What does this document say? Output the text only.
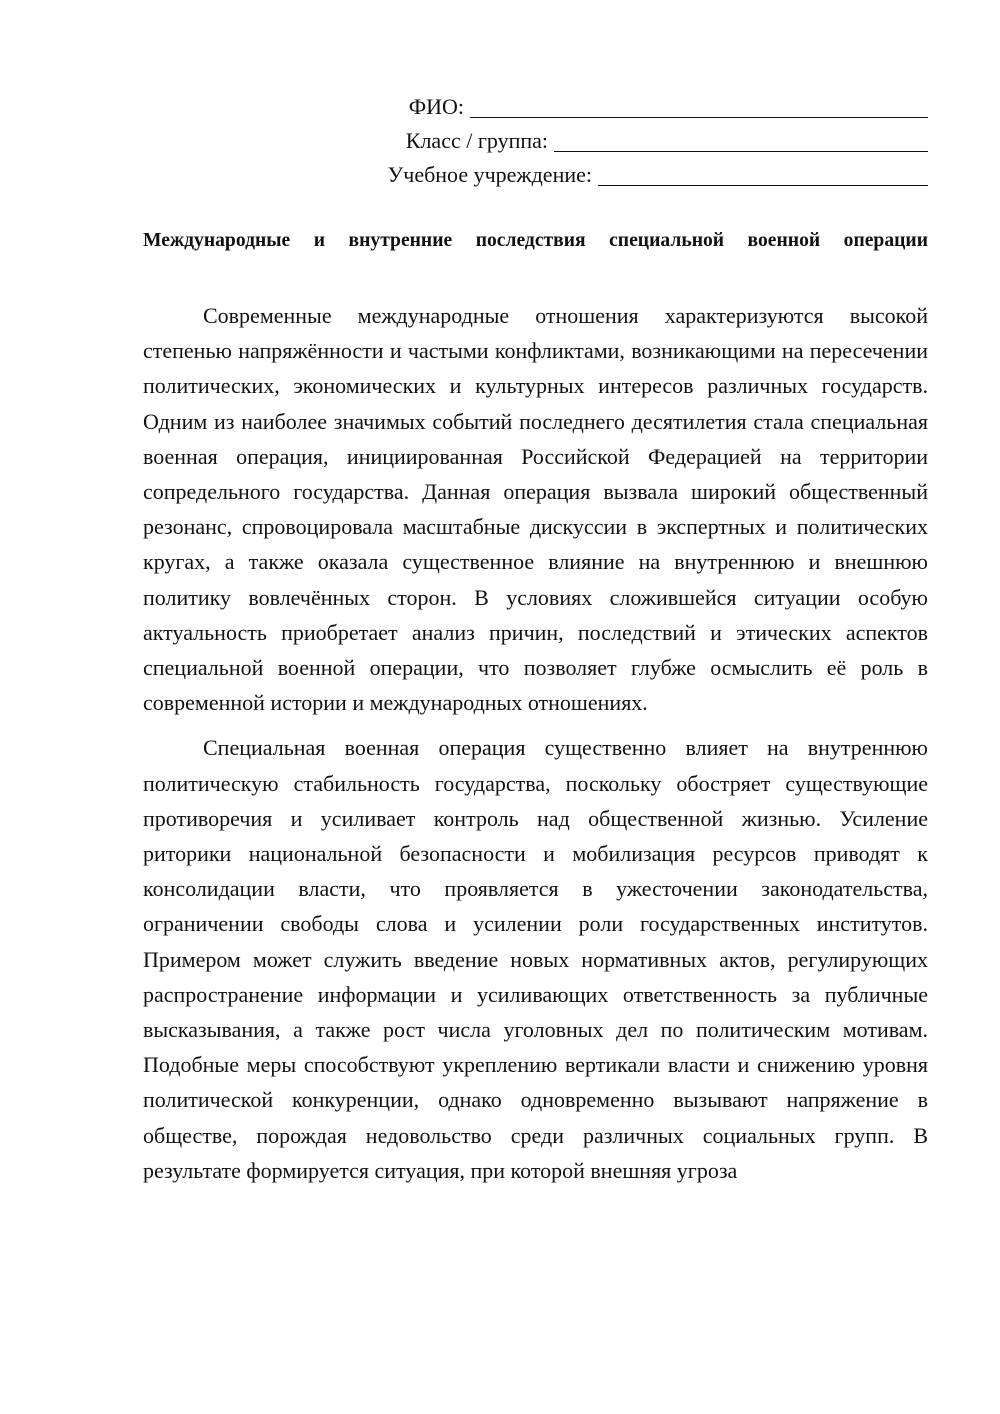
ФИО:
Класс / группа:
Учебное учреждение:
Международные и внутренние последствия специальной военной операции

Современные международные отношения характеризуются высокой степенью напряжённости и частыми конфликтами, возникающими на пересечении политических, экономических и культурных интересов различных государств. Одним из наиболее значимых событий последнего десятилетия стала специальная военная операция, инициированная Российской Федерацией на территории сопредельного государства. Данная операция вызвала широкий общественный резонанс, спровоцировала масштабные дискуссии в экспертных и политических кругах, а также оказала существенное влияние на внутреннюю и внешнюю политику вовлечённых сторон. В условиях сложившейся ситуации особую актуальность приобретает анализ причин, последствий и этических аспектов специальной военной операции, что позволяет глубже осмыслить её роль в современной истории и международных отношениях.

Специальная военная операция существенно влияет на внутреннюю политическую стабильность государства, поскольку обостряет существующие противоречия и усиливает контроль над общественной жизнью. Усиление риторики национальной безопасности и мобилизация ресурсов приводят к консолидации власти, что проявляется в ужесточении законодательства, ограничении свободы слова и усилении роли государственных институтов. Примером может служить введение новых нормативных актов, регулирующих распространение информации и усиливающих ответственность за публичные высказывания, а также рост числа уголовных дел по политическим мотивам. Подобные меры способствуют укреплению вертикали власти и снижению уровня политической конкуренции, однако одновременно вызывают напряжение в обществе, порождая недовольство среди различных социальных групп. В результате формируется ситуация, при которой внешняя угроза
